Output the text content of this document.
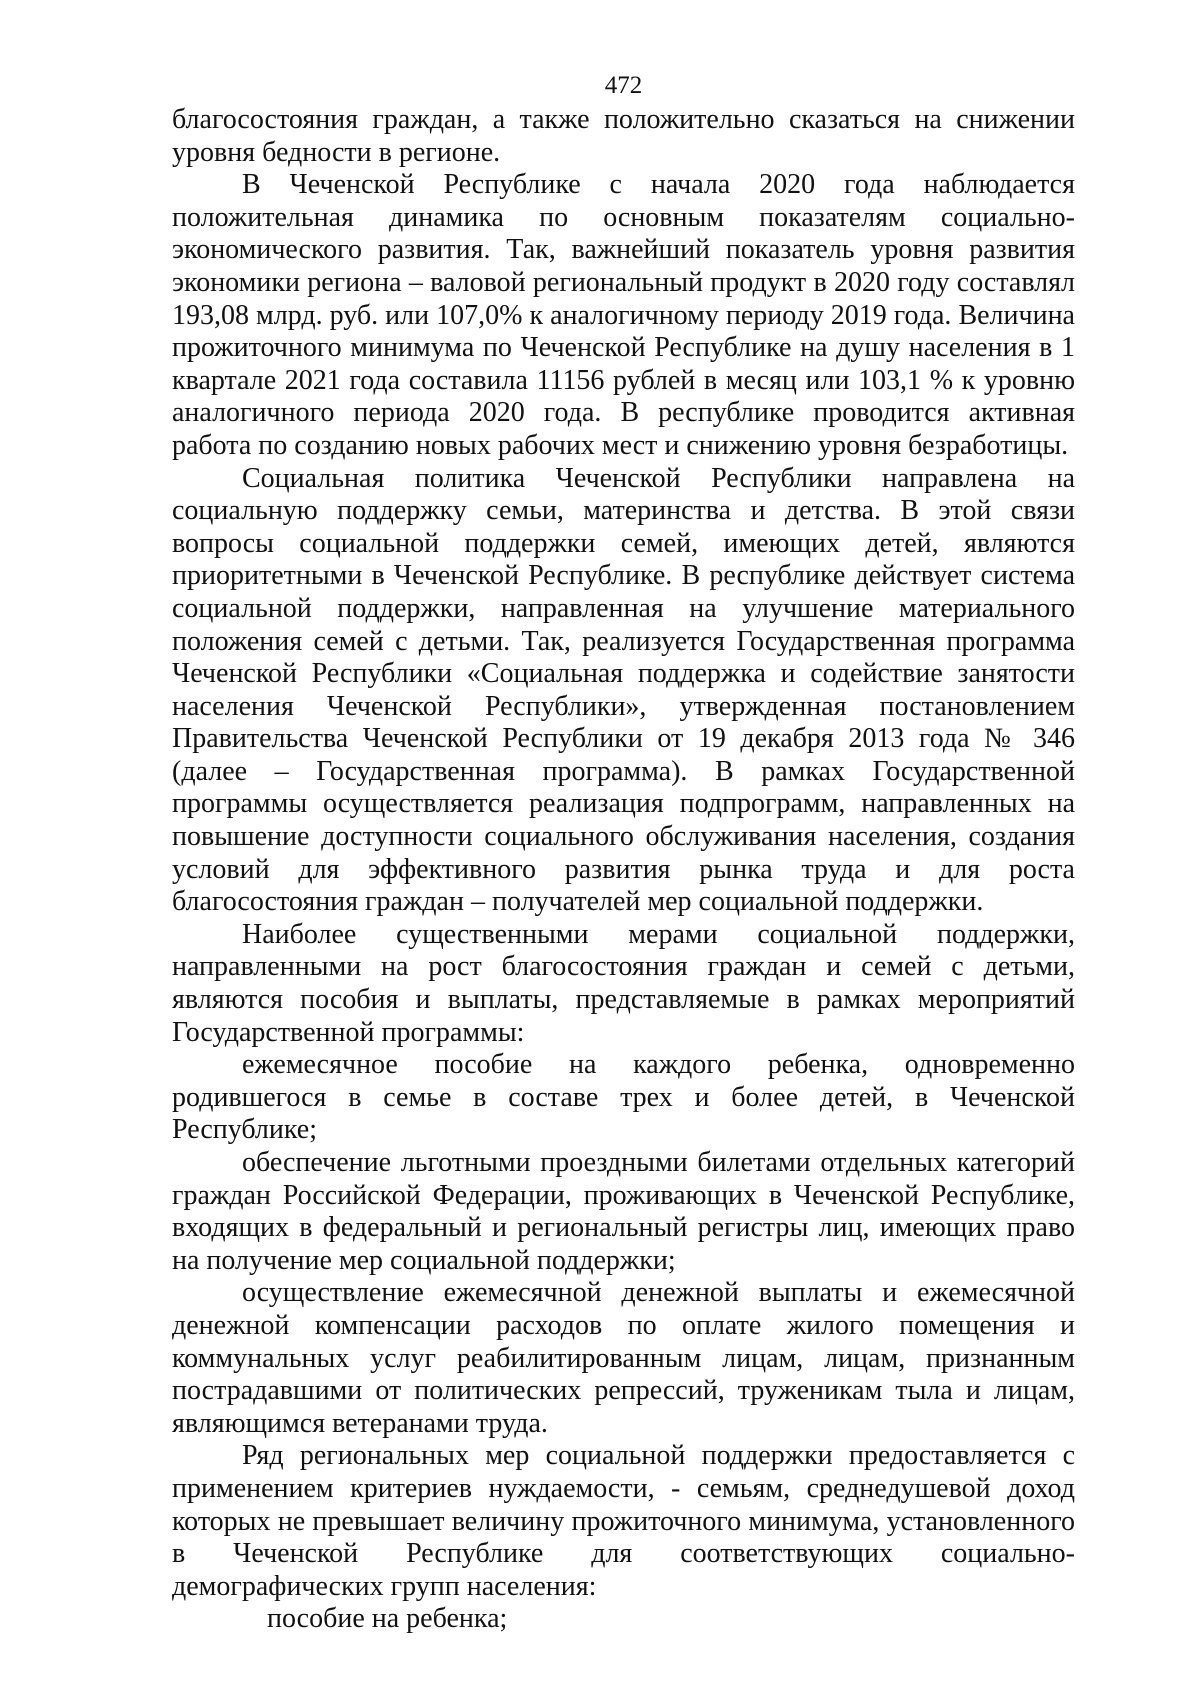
472

благосостояния граждан, а также положительно сказаться на снижении уровня бедности в регионе.

В Чеченской Республике с начала 2020 года наблюдается положительная динамика по основным показателям социально-экономического развития. Так, важнейший показатель уровня развития экономики региона – валовой региональный продукт в 2020 году составлял 193,08 млрд. руб. или 107,0% к аналогичному периоду 2019 года. Величина прожиточного минимума по Чеченской Республике на душу населения в 1 квартале 2021 года составила 11156 рублей в месяц или 103,1 % к уровню аналогичного периода 2020 года. В республике проводится активная работа по созданию новых рабочих мест и снижению уровня безработицы.

Социальная политика Чеченской Республики направлена на социальную поддержку семьи, материнства и детства. В этой связи вопросы социальной поддержки семей, имеющих детей, являются приоритетными в Чеченской Республике. В республике действует система социальной поддержки, направленная на улучшение материального положения семей с детьми. Так, реализуется Государственная программа Чеченской Республики «Социальная поддержка и содействие занятости населения Чеченской Республики», утвержденная постановлением Правительства Чеченской Республики от 19 декабря 2013 года № 346 (далее – Государственная программа). В рамках Государственной программы осуществляется реализация подпрограмм, направленных на повышение доступности социального обслуживания населения, создания условий для эффективного развития рынка труда и для роста благосостояния граждан – получателей мер социальной поддержки.

Наиболее существенными мерами социальной поддержки, направленными на рост благосостояния граждан и семей с детьми, являются пособия и выплаты, представляемые в рамках мероприятий Государственной программы:

ежемесячное пособие на каждого ребенка, одновременно родившегося в семье в составе трех и более детей, в Чеченской Республике;

обеспечение льготными проездными билетами отдельных категорий граждан Российской Федерации, проживающих в Чеченской Республике, входящих в федеральный и региональный регистры лиц, имеющих право на получение мер социальной поддержки;

осуществление ежемесячной денежной выплаты и ежемесячной денежной компенсации расходов по оплате жилого помещения и коммунальных услуг реабилитированным лицам, лицам, признанным пострадавшими от политических репрессий, труженикам тыла и лицам, являющимся ветеранами труда.

Ряд региональных мер социальной поддержки предоставляется с применением критериев нуждаемости, - семьям, среднедушевой доход которых не превышает величину прожиточного минимума, установленного в Чеченской Республике для соответствующих социально-демографических групп населения:

пособие на ребенка;
